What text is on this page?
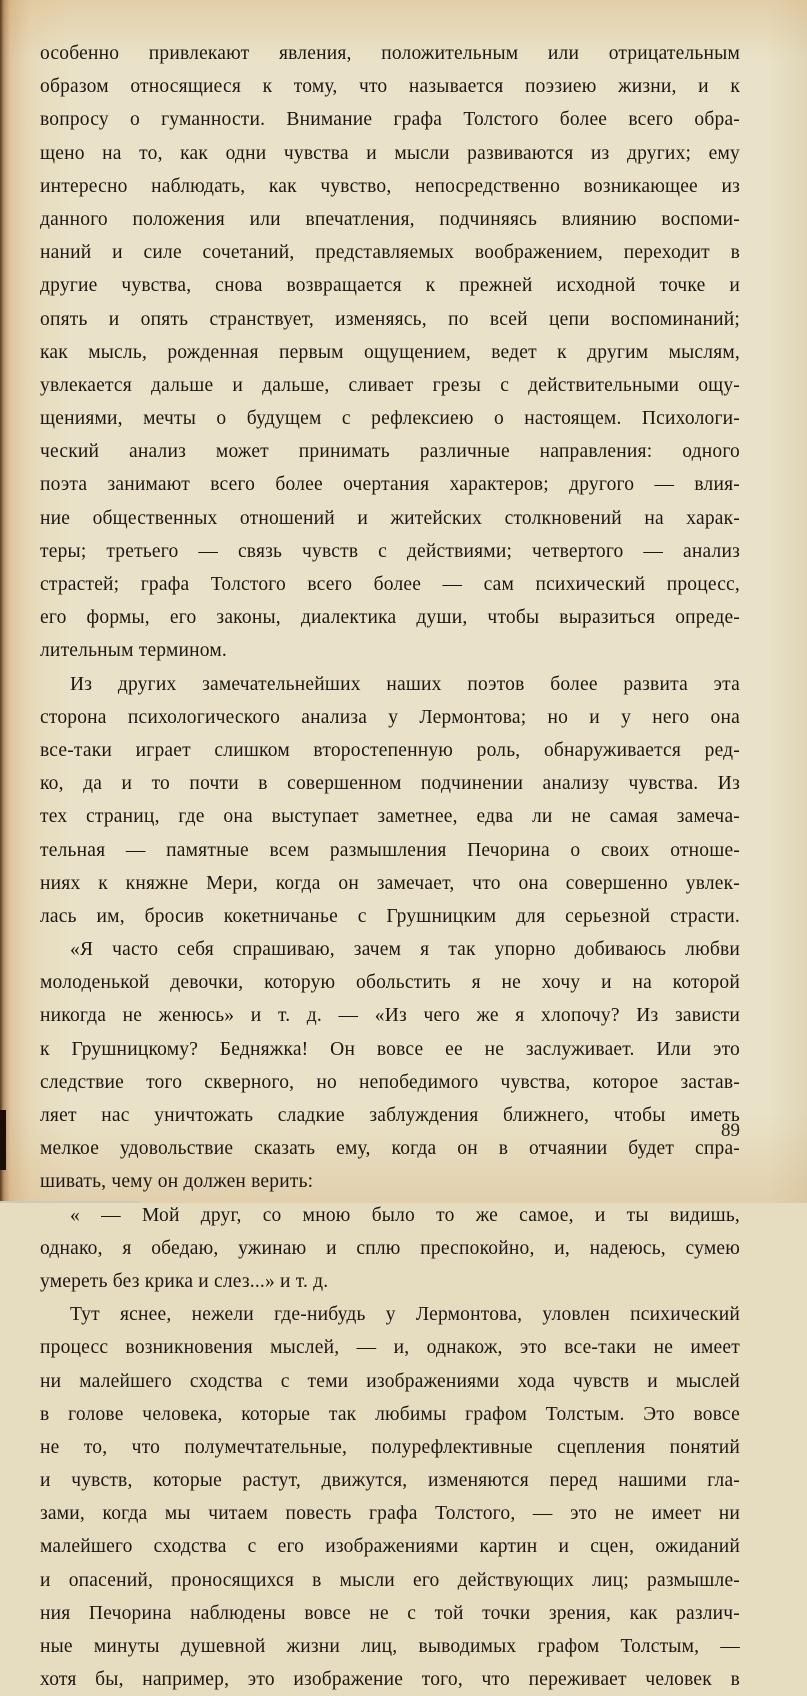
особенно привлекают явления, положительным или отрицательным
образом относящиеся к тому, что называется поэзиею жизни, и к
вопросу о гуманности. Внимание графа Толстого более всего обра-
щено на то, как одни чувства и мысли развиваются из других; ему
интересно наблюдать, как чувство, непосредственно возникающее из
данного положения или впечатления, подчиняясь влиянию воспоми-
наний и силе сочетаний, представляемых воображением, переходит в
другие чувства, снова возвращается к прежней исходной точке и
опять и опять странствует, изменяясь, по всей цепи воспоминаний;
как мысль, рожденная первым ощущением, ведет к другим мыслям,
увлекается дальше и дальше, сливает грезы с действительными ощу-
щениями, мечты о будущем с рефлексиею о настоящем. Психологи-
ческий анализ может принимать различные направления: одного
поэта занимают всего более очертания характеров; другого — влия-
ние общественных отношений и житейских столкновений на харак-
теры; третьего — связь чувств с действиями; четвертого — анализ
страстей; графа Толстого всего более — сам психический процесс,
его формы, его законы, диалектика души, чтобы выразиться опреде-
лительным термином.
Из других замечательнейших наших поэтов более развита эта
сторона психологического анализа у Лермонтова; но и у него она
все-таки играет слишком второстепенную роль, обнаруживается ред-
ко, да и то почти в совершенном подчинении анализу чувства. Из
тех страниц, где она выступает заметнее, едва ли не самая замеча-
тельная — памятные всем размышления Печорина о своих отноше-
ниях к княжне Мери, когда он замечает, что она совершенно увлек-
лась им, бросив кокетничанье с Грушницким для серьезной страсти.
«Я часто себя спрашиваю, зачем я так упорно добиваюсь любви
молоденькой девочки, которую обольстить я не хочу и на которой
никогда не женюсь» и т. д. — «Из чего же я хлопочу? Из зависти
к Грушницкому? Бедняжка! Он вовсе ее не заслуживает. Или это
следствие того скверного, но непобедимого чувства, которое застав-
ляет нас уничтожать сладкие заблуждения ближнего, чтобы иметь
мелкое удовольствие сказать ему, когда он в отчаянии будет спра-
шивать, чему он должен верить:
« — Мой друг, со мною было то же самое, и ты видишь,
однако, я обедаю, ужинаю и сплю преспокойно, и, надеюсь, сумею
умереть без крика и слез...» и т. д.
Тут яснее, нежели где-нибудь у Лермонтова, уловлен психический
процесс возникновения мыслей, — и, однакож, это все-таки не имеет
ни малейшего сходства с теми изображениями хода чувств и мыслей
в голове человека, которые так любимы графом Толстым. Это вовсе
не то, что полумечтательные, полурефлективные сцепления понятий
и чувств, которые растут, движутся, изменяются перед нашими гла-
зами, когда мы читаем повесть графа Толстого, — это не имеет ни
малейшего сходства с его изображениями картин и сцен, ожиданий
и опасений, проносящихся в мысли его действующих лиц; размышле-
ния Печорина наблюдены вовсе не с той точки зрения, как различ-
ные минуты душевной жизни лиц, выводимых графом Толстым, —
хотя бы, например, это изображение того, что переживает человек в
89
